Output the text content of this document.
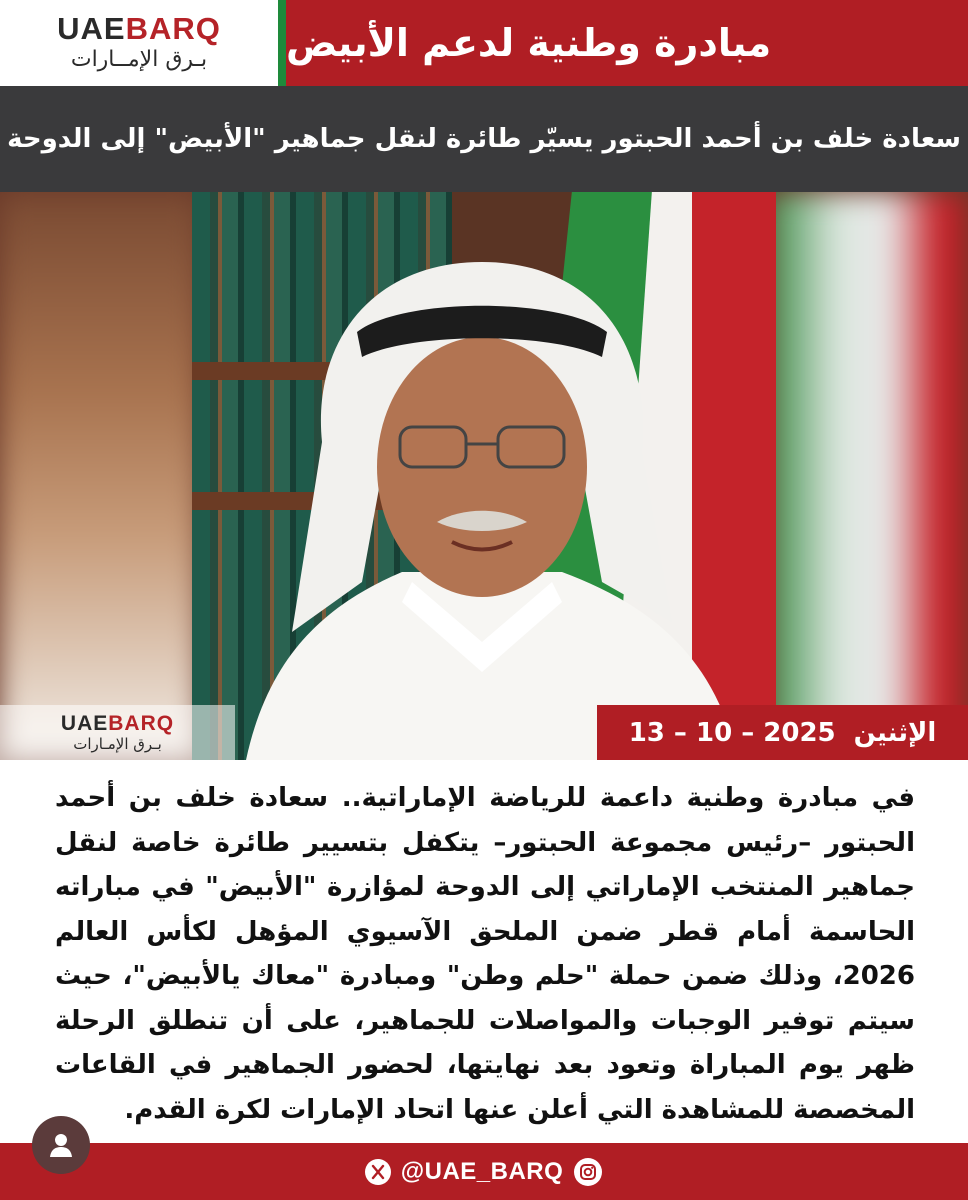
UAEBARQ
بـرق الإمــارات مبادرة وطنية لدعم الأبيض
سعادة خلف بن أحمد الحبتور يسيّر طائرة لنقل جماهير "الأبيض" إلى الدوحة
UAEBARQ
بـرق الإمـارات	الإثنين
13 – 10 – 2025
في مبادرة وطنية داعمة للرياضة الإماراتية.. سعادة خلف بن أحمد الحبتور –رئيس مجموعة الحبتور– يتكفل بتسيير طائرة خاصة لنقل جماهير المنتخب الإماراتي إلى الدوحة لمؤازرة "الأبيض" في مباراته الحاسمة أمام قطر ضمن الملحق الآسيوي المؤهل لكأس العالم 2026، وذلك ضمن حملة "حلم وطن" ومبادرة "معاك يالأبيض"، حيث سيتم توفير الوجبات والمواصلات للجماهير، على أن تنطلق الرحلة ظهر يوم المباراة وتعود بعد نهايتها، لحضور الجماهير في القاعات المخصصة للمشاهدة التي أعلن عنها اتحاد الإمارات لكرة القدم.
@UAE_BARQ
